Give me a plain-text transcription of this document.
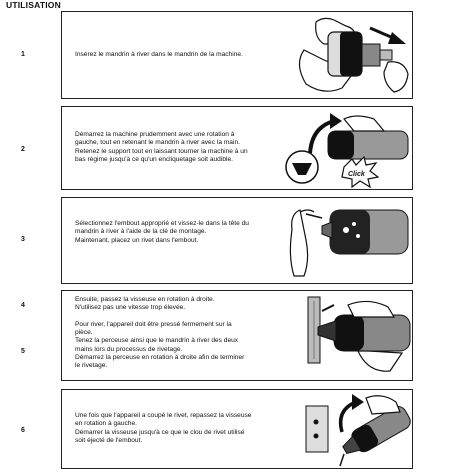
UTILISATION
1	Insérez le mandrin à river dans le mandrin de la machine.
2
Démarrez la machine prudemment avec une rotation à
gauche, tout en retenant le mandrin à river avec la main.
Retenez le support tout en laissant tourner la machine à un
bas régime jusqu'à ce qu'un encliquetage soit audible.
Click
3
Sélectionnez l'embout approprié et vissez-le dans la tête du
mandrin à river à l'aide de la clé de montage.
Maintenant, placez un rivet dans l'embout.
4
5
Ensuite, passez la visseuse en rotation à droite.
N'utilisez pas une vitesse trop élevée.
Pour river, l'appareil doit être pressé fermement sur la
pièce.
Tenez la perceuse ainsi que le mandrin à river des deux
mains lors du processus de rivetage.
Démarrez la perceuse en rotation à droite afin de terminer
le rivetage.
6
Une fois que l'appareil a coupé le rivet, repassez la visseuse
en rotation à gauche.
Démarrer la visseuse jusqu'à ce que le clou de rivet utilisé
soit éjecté de l'embout.
